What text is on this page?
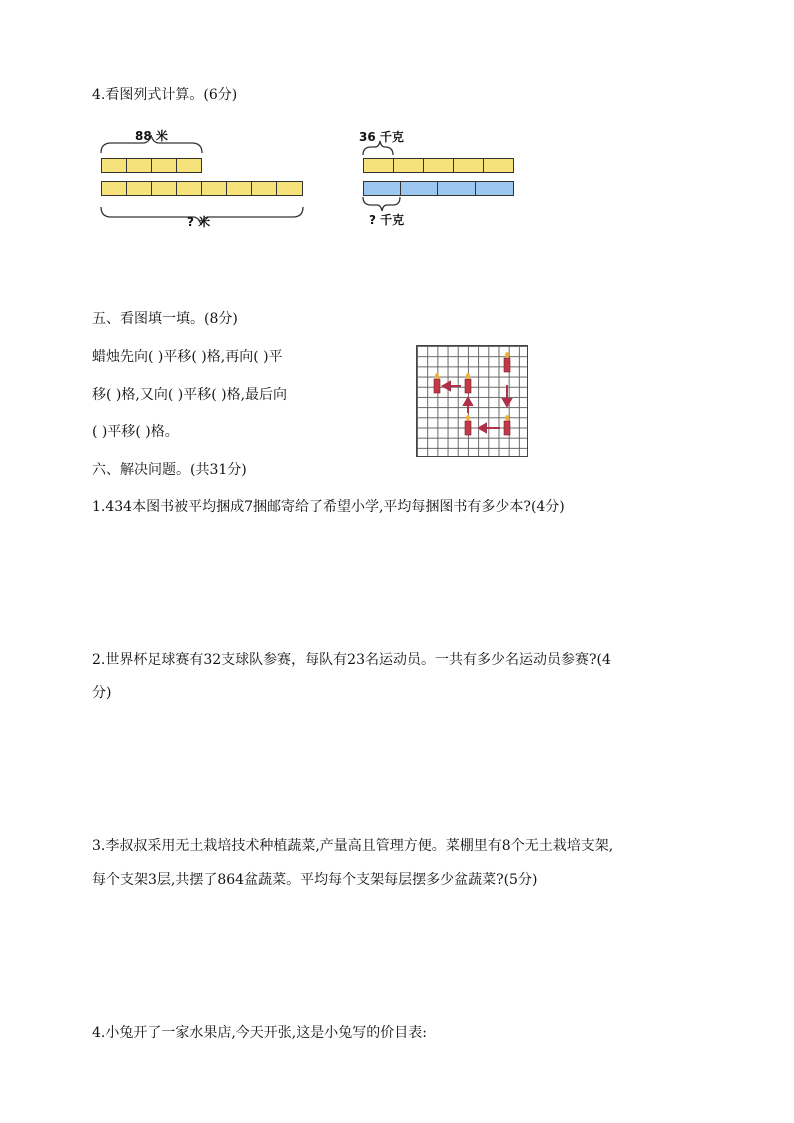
4.看图列式计算。(6分)
88 米
? 米
36 千克
? 千克
五、看图填一填。(8分)
蜡烛先向( )平移( )格,再向( )平
移( )格,又向( )平移( )格,最后向
( )平移( )格。
六、解决问题。(共31分)
1.434本图书被平均捆成7捆邮寄给了希望小学,平均每捆图书有多少本?(4分)
2.世界杯足球赛有32支球队参赛，每队有23名运动员。一共有多少名运动员参赛?(4
分)
3.李叔叔采用无土栽培技术种植蔬菜,产量高且管理方便。菜棚里有8个无土栽培支架,
每个支架3层,共摆了864盆蔬菜。平均每个支架每层摆多少盆蔬菜?(5分)
4.小兔开了一家水果店,今天开张,这是小兔写的价目表:
